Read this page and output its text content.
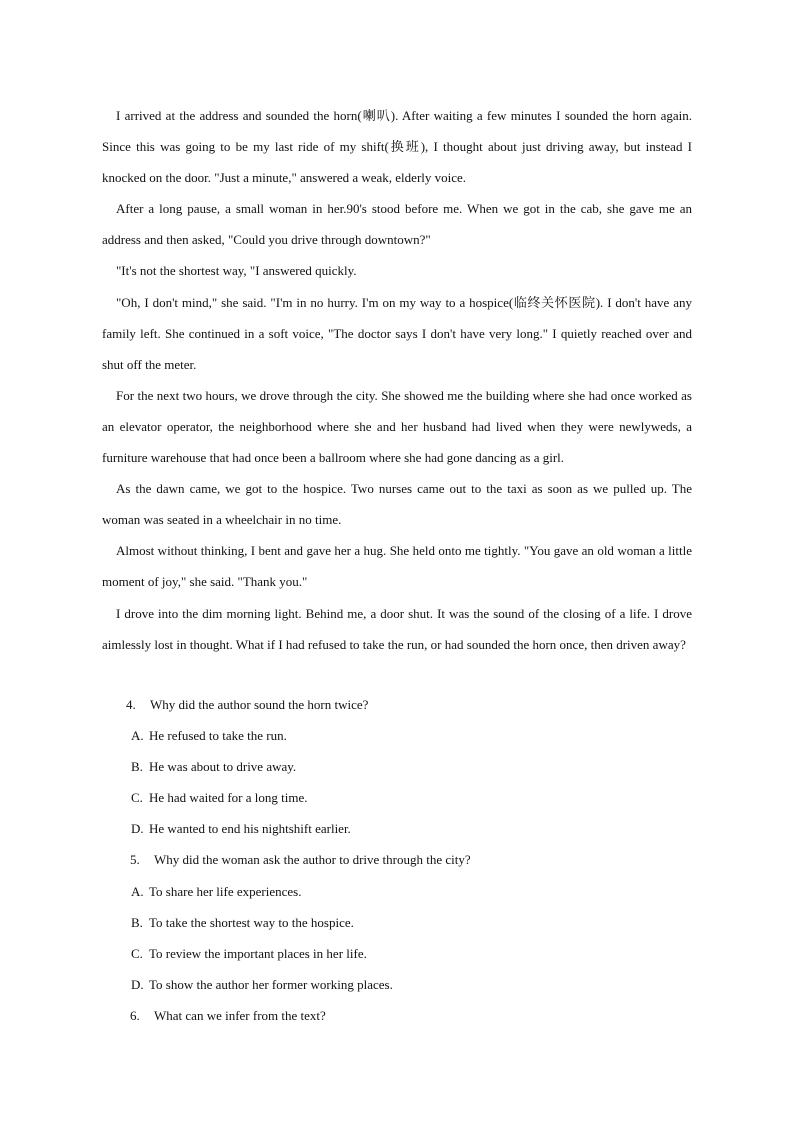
I arrived at the address and sounded the horn(喇叭). After waiting a few minutes I sounded the horn again. Since this was going to be my last ride of my shift(换班), I thought about just driving away, but instead I knocked on the door. "Just a minute," answered a weak, elderly voice.

After a long pause, a small woman in her.90's stood before me. When we got in the cab, she gave me an address and then asked, "Could you drive through downtown?"

"It's not the shortest way, "I answered quickly.

"Oh, I don't mind," she said. "I'm in no hurry. I'm on my way to a hospice(临终关怀医院). I don't have any family left. She continued in a soft voice, "The doctor says I don't have very long." I quietly reached over and shut off the meter.

For the next two hours, we drove through the city. She showed me the building where she had once worked as an elevator operator, the neighborhood where she and her husband had lived when they were newlyweds, a furniture warehouse that had once been a ballroom where she had gone dancing as a girl.

As the dawn came, we got to the hospice. Two nurses came out to the taxi as soon as we pulled up. The woman was seated in a wheelchair in no time.

Almost without thinking, I bent and gave her a hug. She held onto me tightly. "You gave an old woman a little moment of joy," she said. "Thank you."

I drove into the dim morning light. Behind me, a door shut. It was the sound of the closing of a life. I drove aimlessly lost in thought. What if I had refused to take the run, or had sounded the horn once, then driven away?

4. Why did the author sound the horn twice?
A. He refused to take the run.
B. He was about to drive away.
C. He had waited for a long time.
D. He wanted to end his nightshift earlier.
5. Why did the woman ask the author to drive through the city?
A. To share her life experiences.
B. To take the shortest way to the hospice.
C. To review the important places in her life.
D. To show the author her former working places.
6. What can we infer from the text?
